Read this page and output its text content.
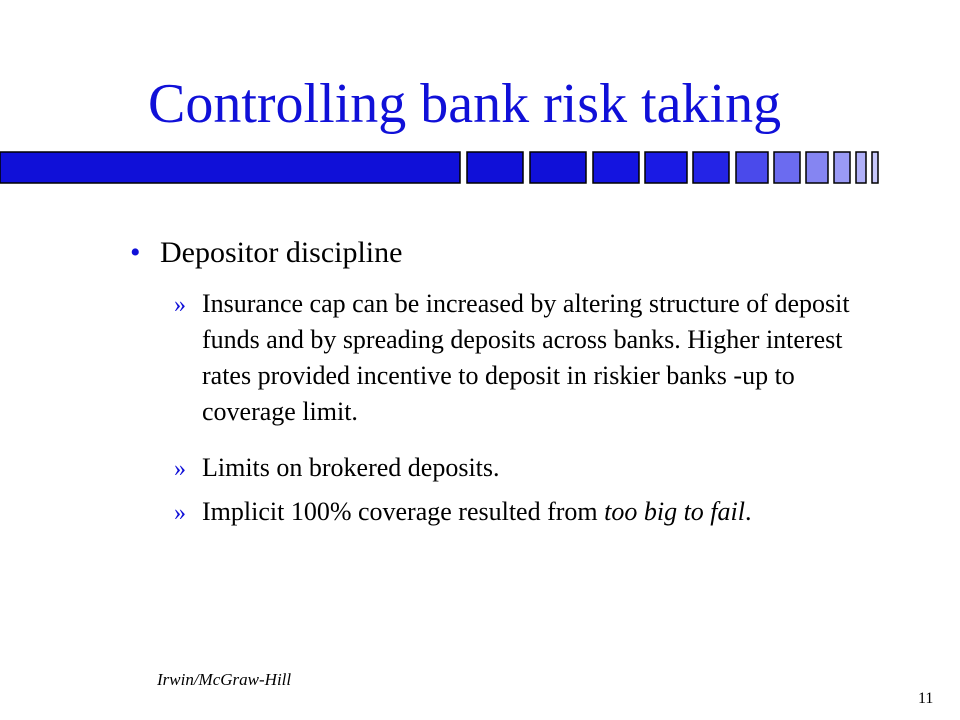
Controlling bank risk taking
• Depositor discipline
» Insurance cap can be increased by altering structure of deposit funds and by spreading deposits across banks. Higher interest rates provided incentive to deposit in riskier banks -up to coverage limit.
» Limits on brokered deposits.
» Implicit 100% coverage resulted from too big to fail.
Irwin/McGraw-Hill
11
